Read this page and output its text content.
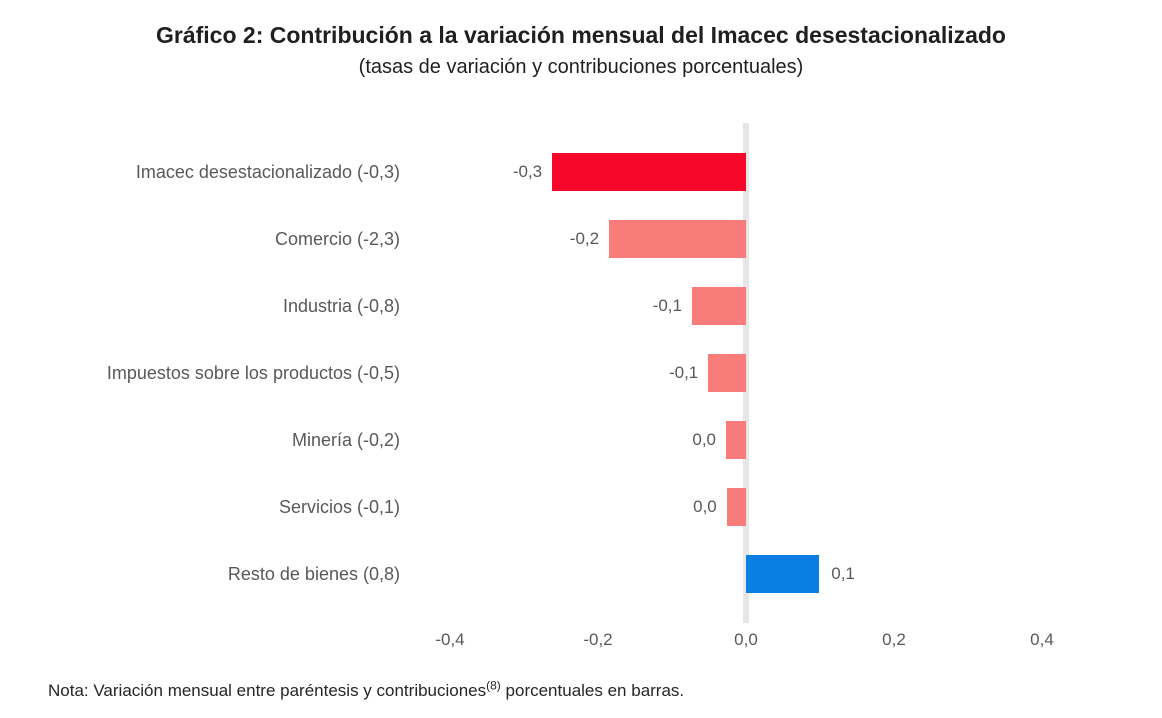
Gráfico 2: Contribución a la variación mensual del Imacec desestacionalizado
(tasas de variación y contribuciones porcentuales)
Imacec desestacionalizado (-0,3)	-0,3
Comercio (-2,3)	-0,2
Industria (-0,8)	-0,1
Impuestos sobre los productos (-0,5)	-0,1
Minería (-0,2)	0,0
Servicios (-0,1)	0,0
Resto de bienes (0,8)	0,1
-0,4	-0,2	0,0	0,2	0,4
Nota: Variación mensual entre paréntesis y contribuciones$^{(8)}$ porcentuales en barras.
